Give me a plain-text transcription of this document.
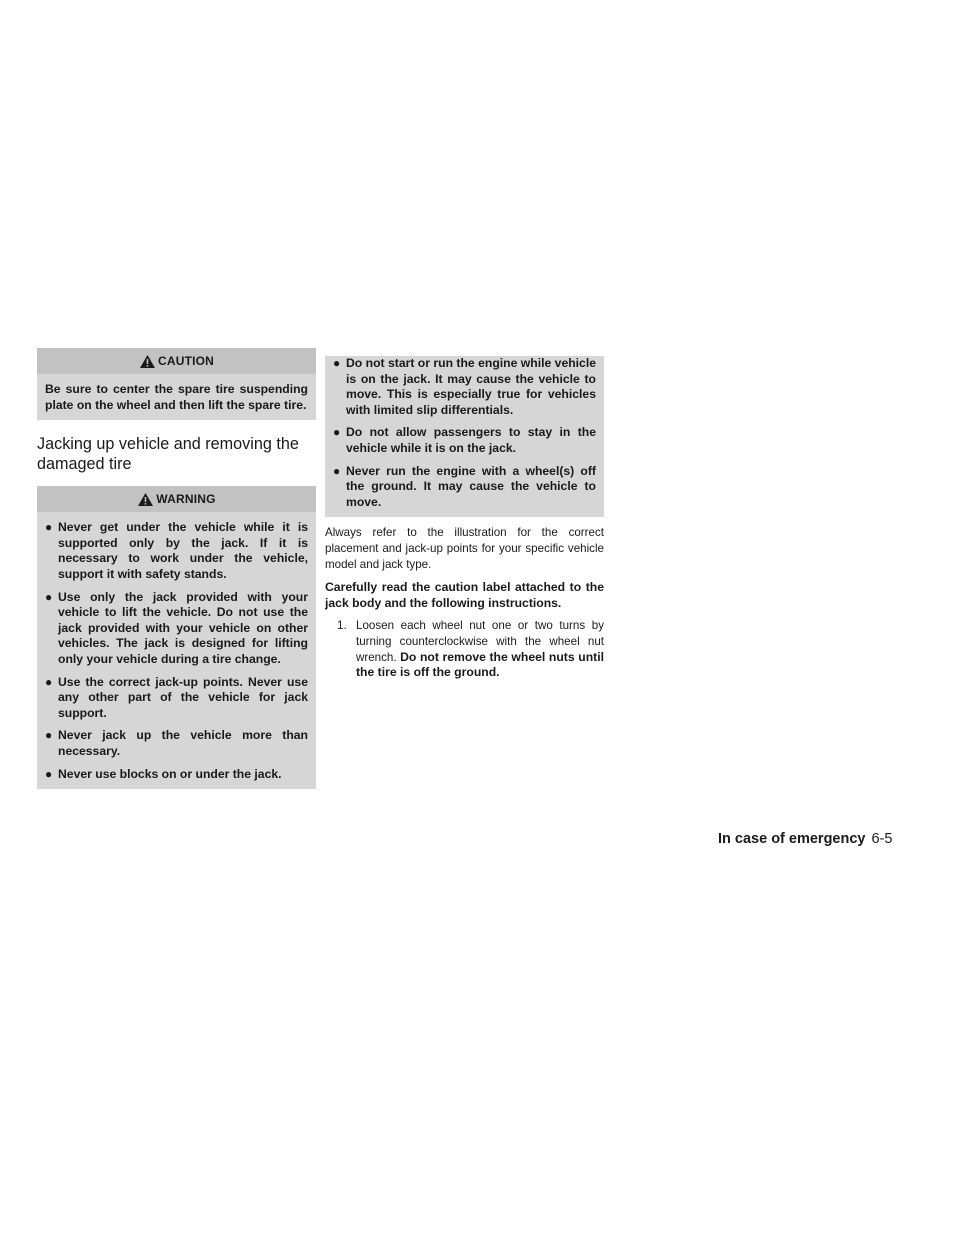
CAUTION

Be sure to center the spare tire suspending plate on the wheel and then lift the spare tire.

Jacking up vehicle and removing the damaged tire
WARNING
● Never get under the vehicle while it is supported only by the jack. If it is necessary to work under the vehicle, support it with safety stands.
● Use only the jack provided with your vehicle to lift the vehicle. Do not use the jack provided with your vehicle on other vehicles. The jack is designed for lifting only your vehicle during a tire change.
● Use the correct jack-up points. Never use any other part of the vehicle for jack support.
● Never jack up the vehicle more than necessary.
● Never use blocks on or under the jack.
● Do not start or run the engine while vehicle is on the jack. It may cause the vehicle to move. This is especially true for vehicles with limited slip differentials.
● Do not allow passengers to stay in the vehicle while it is on the jack.
● Never run the engine with a wheel(s) off the ground. It may cause the vehicle to move.

Always refer to the illustration for the correct placement and jack-up points for your specific vehicle model and jack type.

Carefully read the caution label attached to the jack body and the following instructions.

1. Loosen each wheel nut one or two turns by turning counterclockwise with the wheel nut wrench. Do not remove the wheel nuts until the tire is off the ground.
In case of emergency 6-5
